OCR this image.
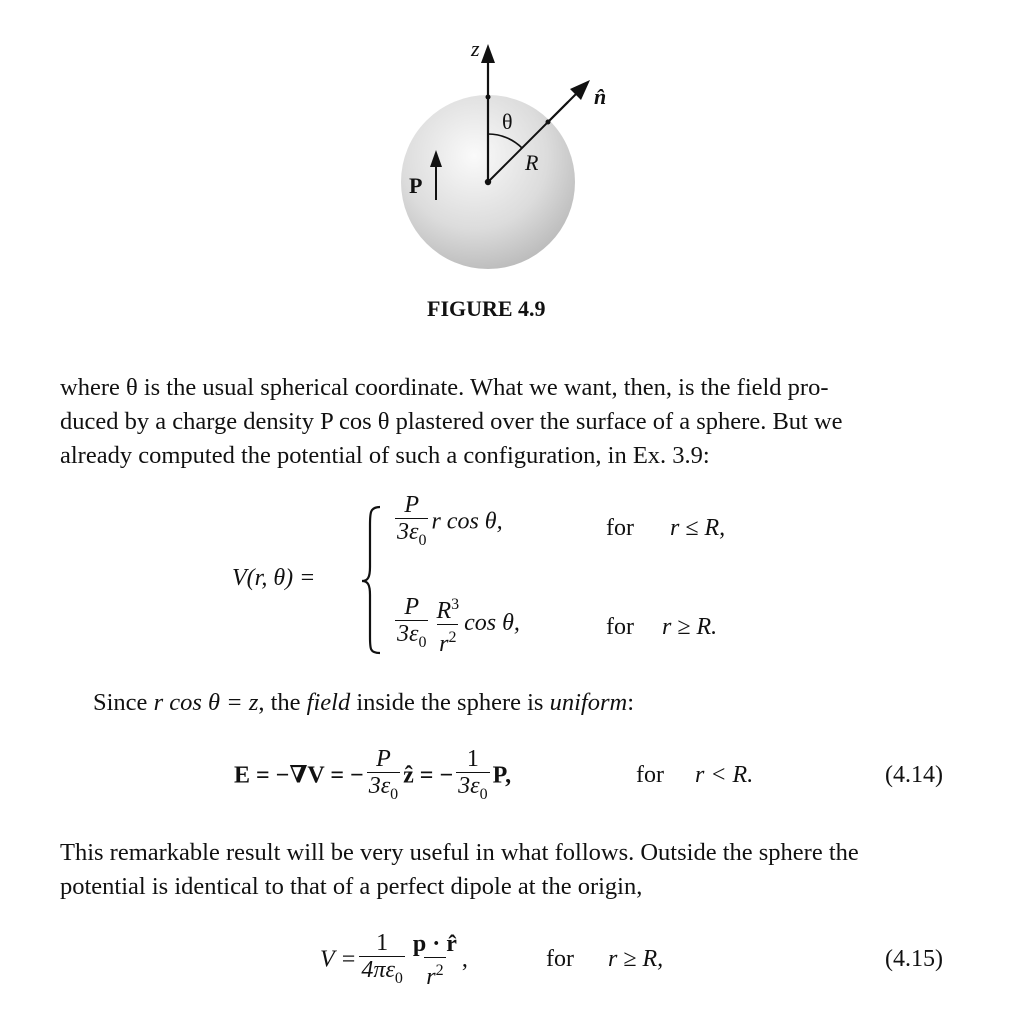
z
n̂
θ
R
P
FIGURE 4.9
where θ is the usual spherical coordinate. What we want, then, is the field pro-
duced by a charge density P cos θ plastered over the surface of a sphere. But we
already computed the potential of such a configuration, in Ex. 3.9:
V(r, θ) =
$\frac{P}{3\varepsilon_0}$ r cos θ,	for r ≤ R,
$\frac{P}{3\varepsilon_0} \frac{R^3}{r^2}$ cos θ,	for r ≥ R.
Since r cos θ = z, the field inside the sphere is uniform:
E = −∇V = − $\frac{P}{3\varepsilon_0}$ ẑ = − $\frac{1}{3\varepsilon_0} P$,	for r < R.	(4.14)
This remarkable result will be very useful in what follows. Outside the sphere the
potential is identical to that of a perfect dipole at the origin,
$V = \frac{1}{4\pi\varepsilon_0} \frac{p \cdot r̂}{r^2}$ ,	for r ≥ R,	(4.15)
